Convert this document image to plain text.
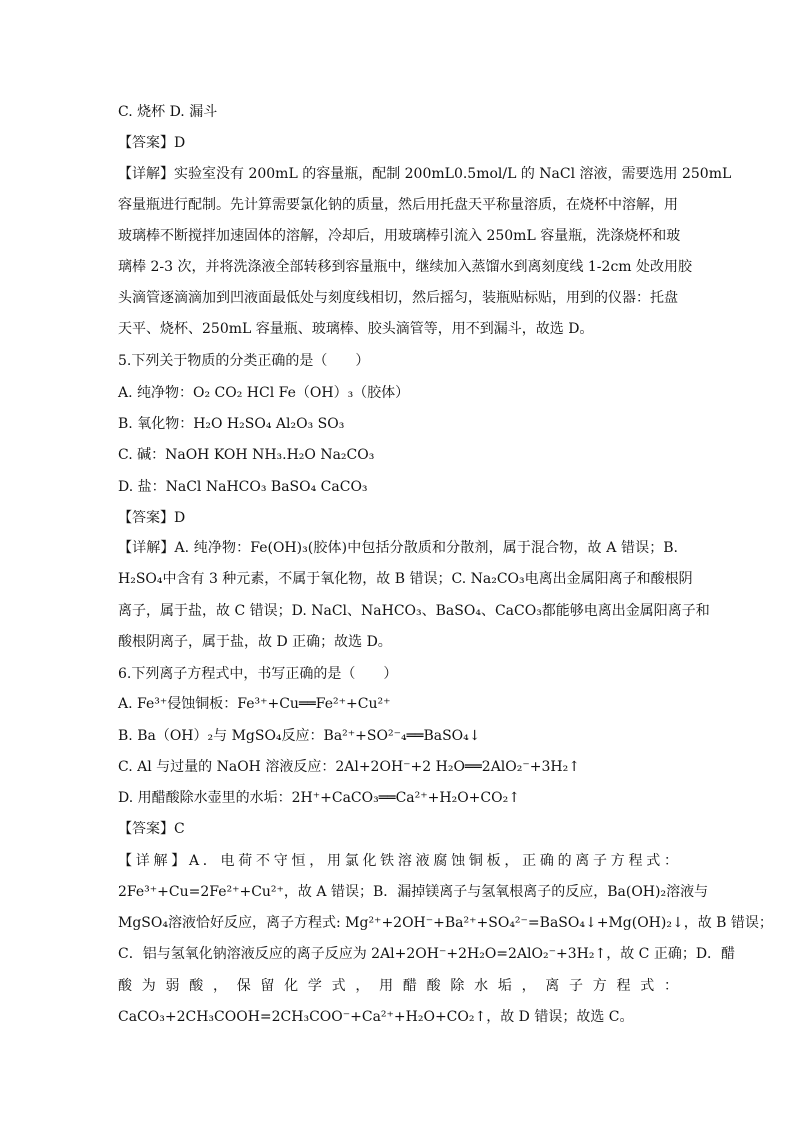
C. 烧杯 D. 漏斗
【答案】D
【详解】实验室没有 200mL 的容量瓶，配制 200mL0.5mol/L 的 NaCl 溶液，需要选用 250mL
容量瓶进行配制。先计算需要氯化钠的质量，然后用托盘天平称量溶质，在烧杯中溶解，用
玻璃棒不断搅拌加速固体的溶解，冷却后，用玻璃棒引流入 250mL 容量瓶，洗涤烧杯和玻
璃棒 2-3 次，并将洗涤液全部转移到容量瓶中，继续加入蒸馏水到离刻度线 1-2cm 处改用胶
头滴管逐滴滴加到凹液面最低处与刻度线相切，然后摇匀，装瓶贴标贴，用到的仪器：托盘
天平、烧杯、250mL 容量瓶、玻璃棒、胶头滴管等，用不到漏斗，故选 D。
5.下列关于物质的分类正确的是（　　）
A. 纯净物：O₂ CO₂ HCl Fe（OH）₃（胶体）
B. 氧化物：H₂O H₂SO₄ Al₂O₃ SO₃
C. 碱：NaOH KOH NH₃.H₂O Na₂CO₃
D. 盐：NaCl NaHCO₃ BaSO₄ CaCO₃
【答案】D
【详解】A. 纯净物：Fe(OH)₃(胶体)中包括分散质和分散剂，属于混合物，故 A 错误；B.
H₂SO₄中含有 3 种元素，不属于氧化物，故 B 错误；C. Na₂CO₃电离出金属阳离子和酸根阴
离子，属于盐，故 C 错误；D. NaCl、NaHCO₃、BaSO₄、CaCO₃都能够电离出金属阳离子和
酸根阴离子，属于盐，故 D 正确；故选 D。
6.下列离子方程式中，书写正确的是（　　）
A. Fe³⁺侵蚀铜板：Fe³⁺+Cu══Fe²⁺+Cu²⁺
B. Ba（OH）₂与 MgSO₄反应：Ba²⁺+SO²⁻₄══BaSO₄↓
C. Al 与过量的 NaOH 溶液反应：2Al+2OH⁻+2 H₂O══2AlO₂⁻+3H₂↑
D. 用醋酸除水壶里的水垢：2H⁺+CaCO₃══Ca²⁺+H₂O+CO₂↑
【答案】C
【详解】A．电荷不守恒，用氯化铁溶液腐蚀铜板，正确的离子方程式：
2Fe³⁺+Cu=2Fe²⁺+Cu²⁺，故 A 错误；B．漏掉镁离子与氢氧根离子的反应，Ba(OH)₂溶液与
MgSO₄溶液恰好反应，离子方程式: Mg²⁺+2OH⁻+Ba²⁺+SO₄²⁻=BaSO₄↓+Mg(OH)₂↓，故 B 错误；
C．铝与氢氧化钠溶液反应的离子反应为 2Al+2OH⁻+2H₂O=2AlO₂⁻+3H₂↑，故 C 正确；D．醋
酸为弱酸，保留化学式，用醋酸除水垢，离子方程式：
CaCO₃+2CH₃COOH=2CH₃COO⁻+Ca²⁺+H₂O+CO₂↑，故 D 错误；故选 C。
